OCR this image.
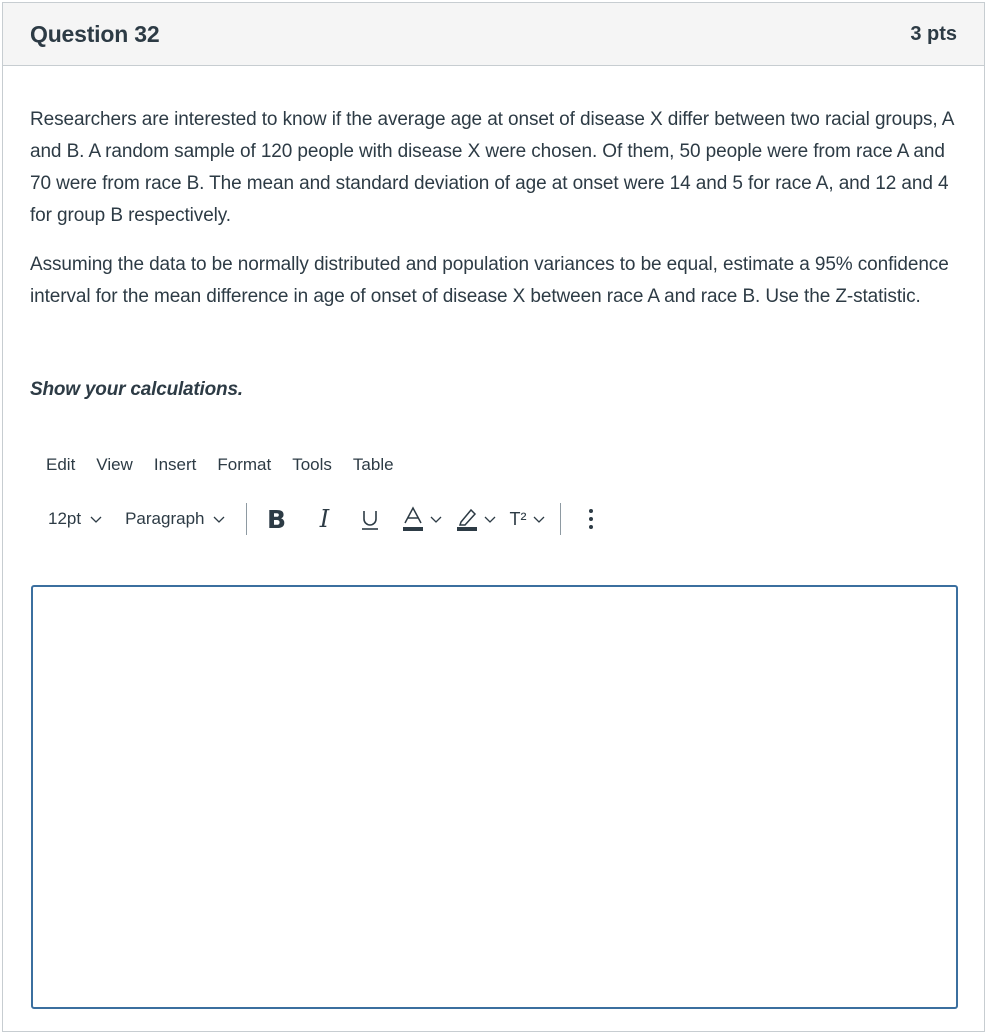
Question 32	3 pts

Researchers are interested to know if the average age at onset of disease X differ between two racial groups, A and B. A random sample of 120 people with disease X were chosen. Of them, 50 people were from race A and 70 were from race B. The mean and standard deviation of age at onset were 14 and 5 for race A, and 12 and 4 for group B respectively.

Assuming the data to be normally distributed and population variances to be equal, estimate a 95% confidence interval for the mean difference in age of onset of disease X between race A and race B. Use the Z-statistic.

Show your calculations.
Edit View Insert Format Tools Table
12pt	Paragraph B I	T²
